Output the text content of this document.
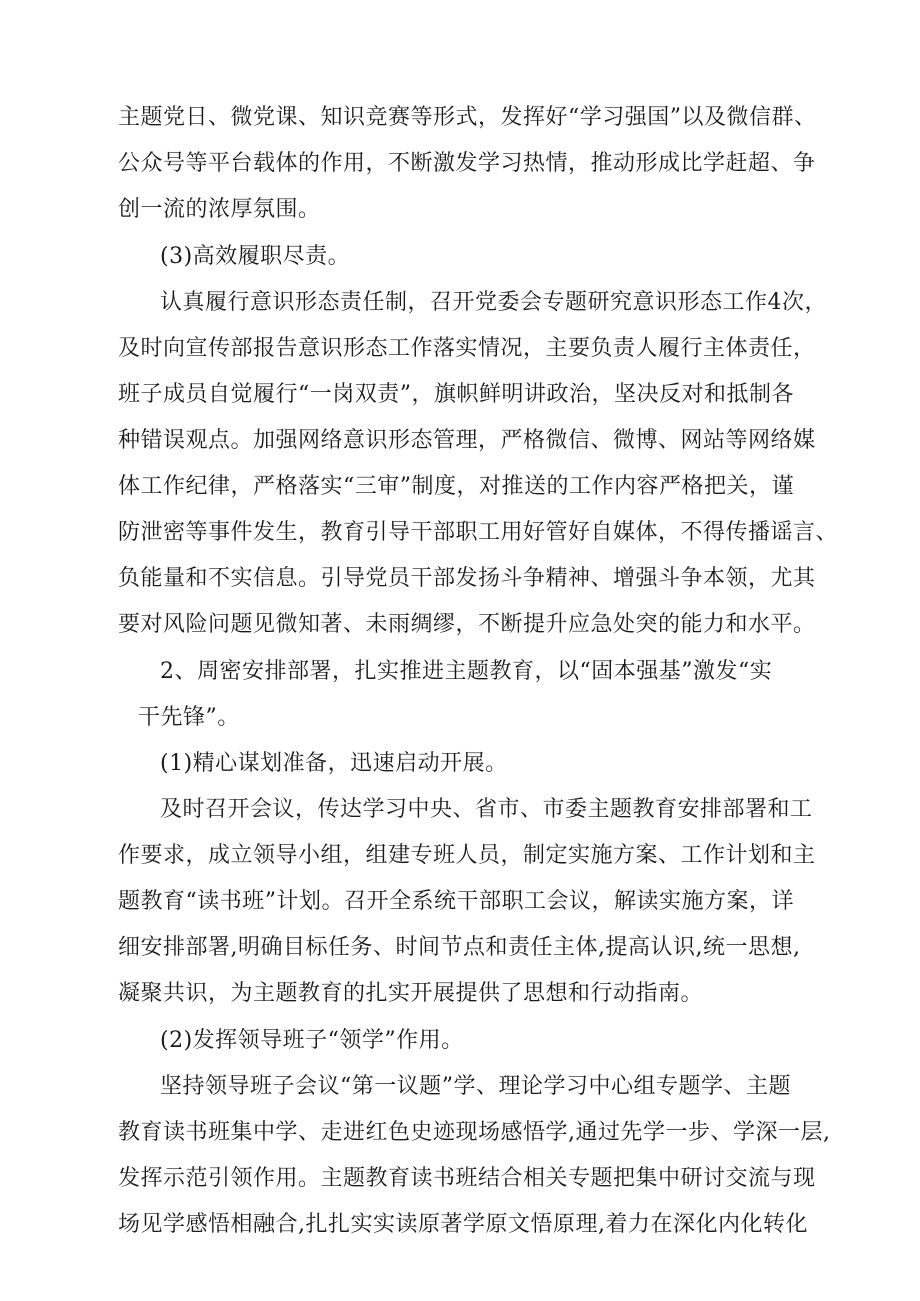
主题党日、微党课、知识竞赛等形式，发挥好“学习强国”以及微信群、
公众号等平台载体的作用，不断激发学习热情，推动形成比学赶超、争
创一流的浓厚氛围。
(3)高效履职尽责。
认真履行意识形态责任制，召开党委会专题研究意识形态工作4次，
及时向宣传部报告意识形态工作落实情况，主要负责人履行主体责任，
班子成员自觉履行“一岗双责”，旗帜鲜明讲政治，坚决反对和抵制各
种错误观点。加强网络意识形态管理，严格微信、微博、网站等网络媒
体工作纪律，严格落实“三审”制度，对推送的工作内容严格把关，谨
防泄密等事件发生，教育引导干部职工用好管好自媒体，不得传播谣言、
负能量和不实信息。引导党员干部发扬斗争精神、增强斗争本领，尤其
要对风险问题见微知著、未雨绸缪，不断提升应急处突的能力和水平。
2、周密安排部署，扎实推进主题教育，以“固本强基”激发“实
干先锋”。
(1)精心谋划准备，迅速启动开展。
及时召开会议，传达学习中央、省市、市委主题教育安排部署和工
作要求，成立领导小组，组建专班人员，制定实施方案、工作计划和主
题教育“读书班”计划。召开全系统干部职工会议，解读实施方案，详
细安排部署,明确目标任务、时间节点和责任主体,提高认识,统一思想,
凝聚共识，为主题教育的扎实开展提供了思想和行动指南。
(2)发挥领导班子“领学”作用。
坚持领导班子会议“第一议题”学、理论学习中心组专题学、主题
教育读书班集中学、走进红色史迹现场感悟学,通过先学一步、学深一层,
发挥示范引领作用。主题教育读书班结合相关专题把集中研讨交流与现
场见学感悟相融合,扎扎实实读原著学原文悟原理,着力在深化内化转化
